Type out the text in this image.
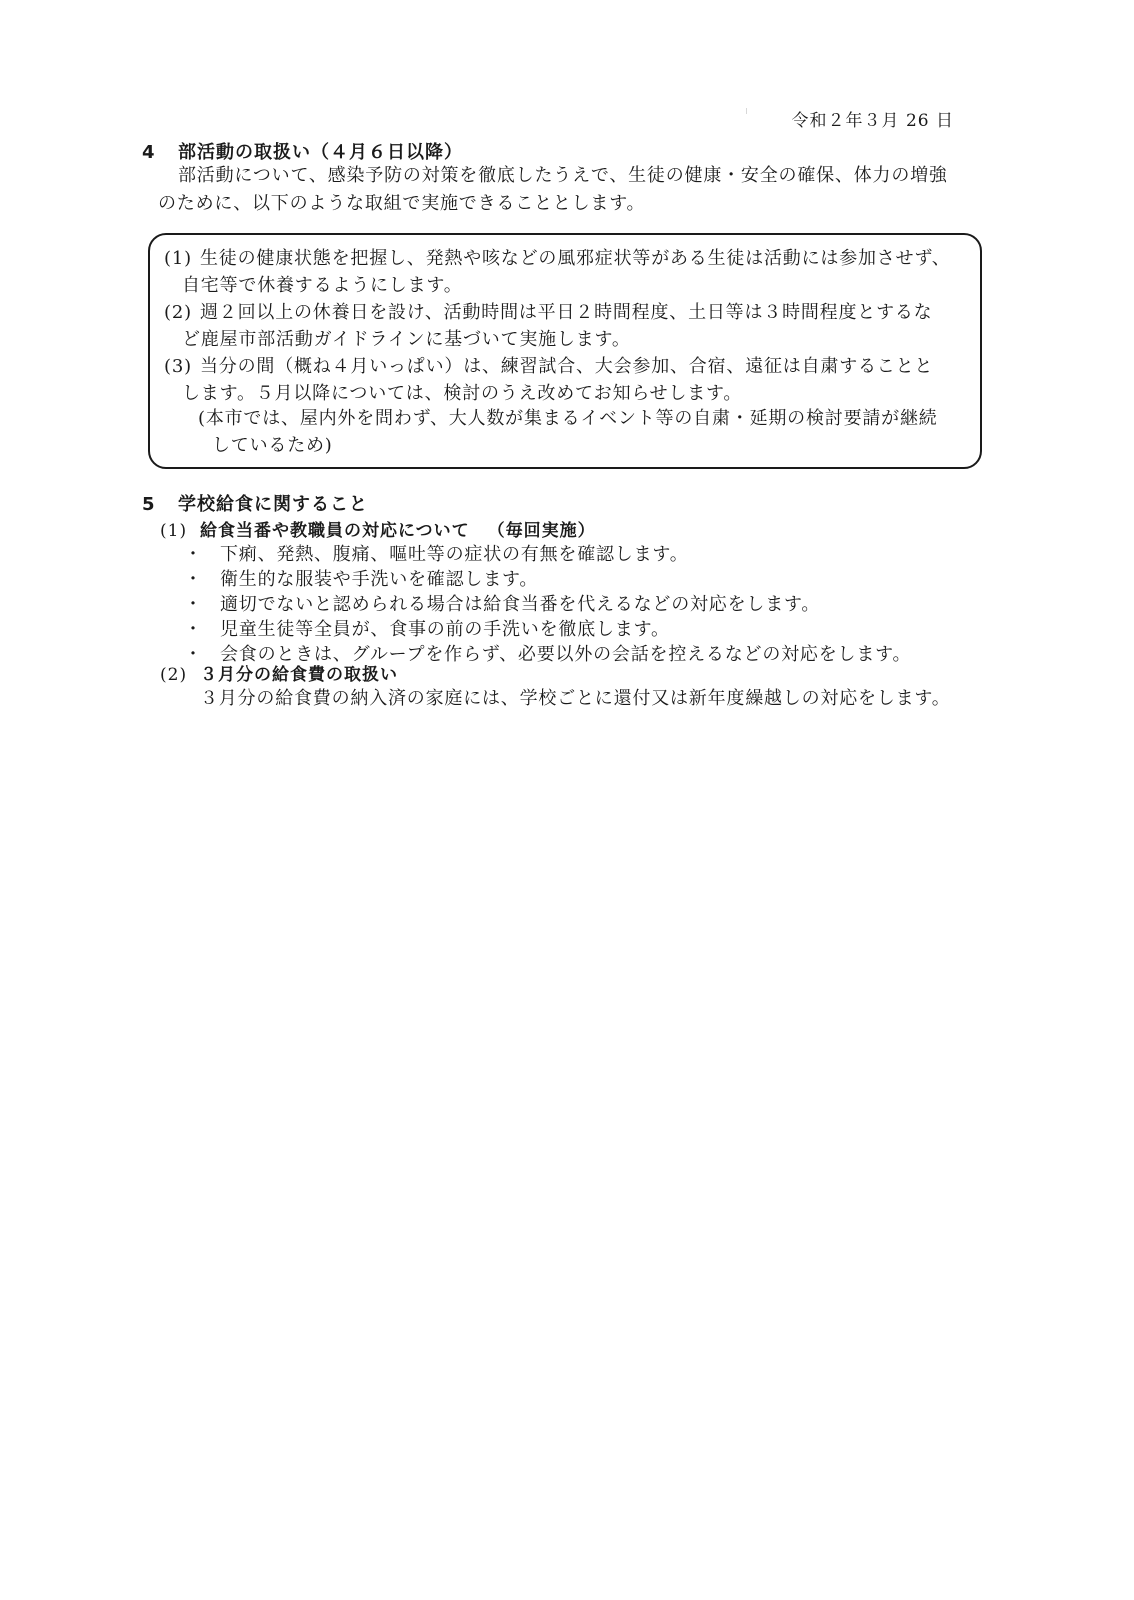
令和２年３月 26 日
4 部活動の取扱い（４月６日以降）
部活動について、感染予防の対策を徹底したうえで、生徒の健康・安全の確保、体力の増強
のために、以下のような取組で実施できることとします。
(1) 生徒の健康状態を把握し、発熱や咳などの風邪症状等がある生徒は活動には参加させず、
自宅等で休養するようにします。
(2) 週２回以上の休養日を設け、活動時間は平日２時間程度、土日等は３時間程度とするな
ど鹿屋市部活動ガイドラインに基づいて実施します。
(3) 当分の間（概ね４月いっぱい）は、練習試合、大会参加、合宿、遠征は自粛することと
します。５月以降については、検討のうえ改めてお知らせします。
(本市では、屋内外を問わず、大人数が集まるイベント等の自粛・延期の検討要請が継続
しているため)
5 学校給食に関すること
(1) 給食当番や教職員の対応について （毎回実施）
・ 下痢、発熱、腹痛、嘔吐等の症状の有無を確認します。
・ 衛生的な服装や手洗いを確認します。
・ 適切でないと認められる場合は給食当番を代えるなどの対応をします。
・ 児童生徒等全員が、食事の前の手洗いを徹底します。
・ 会食のときは、グループを作らず、必要以外の会話を控えるなどの対応をします。
(2) ３月分の給食費の取扱い
３月分の給食費の納入済の家庭には、学校ごとに還付又は新年度繰越しの対応をします。
